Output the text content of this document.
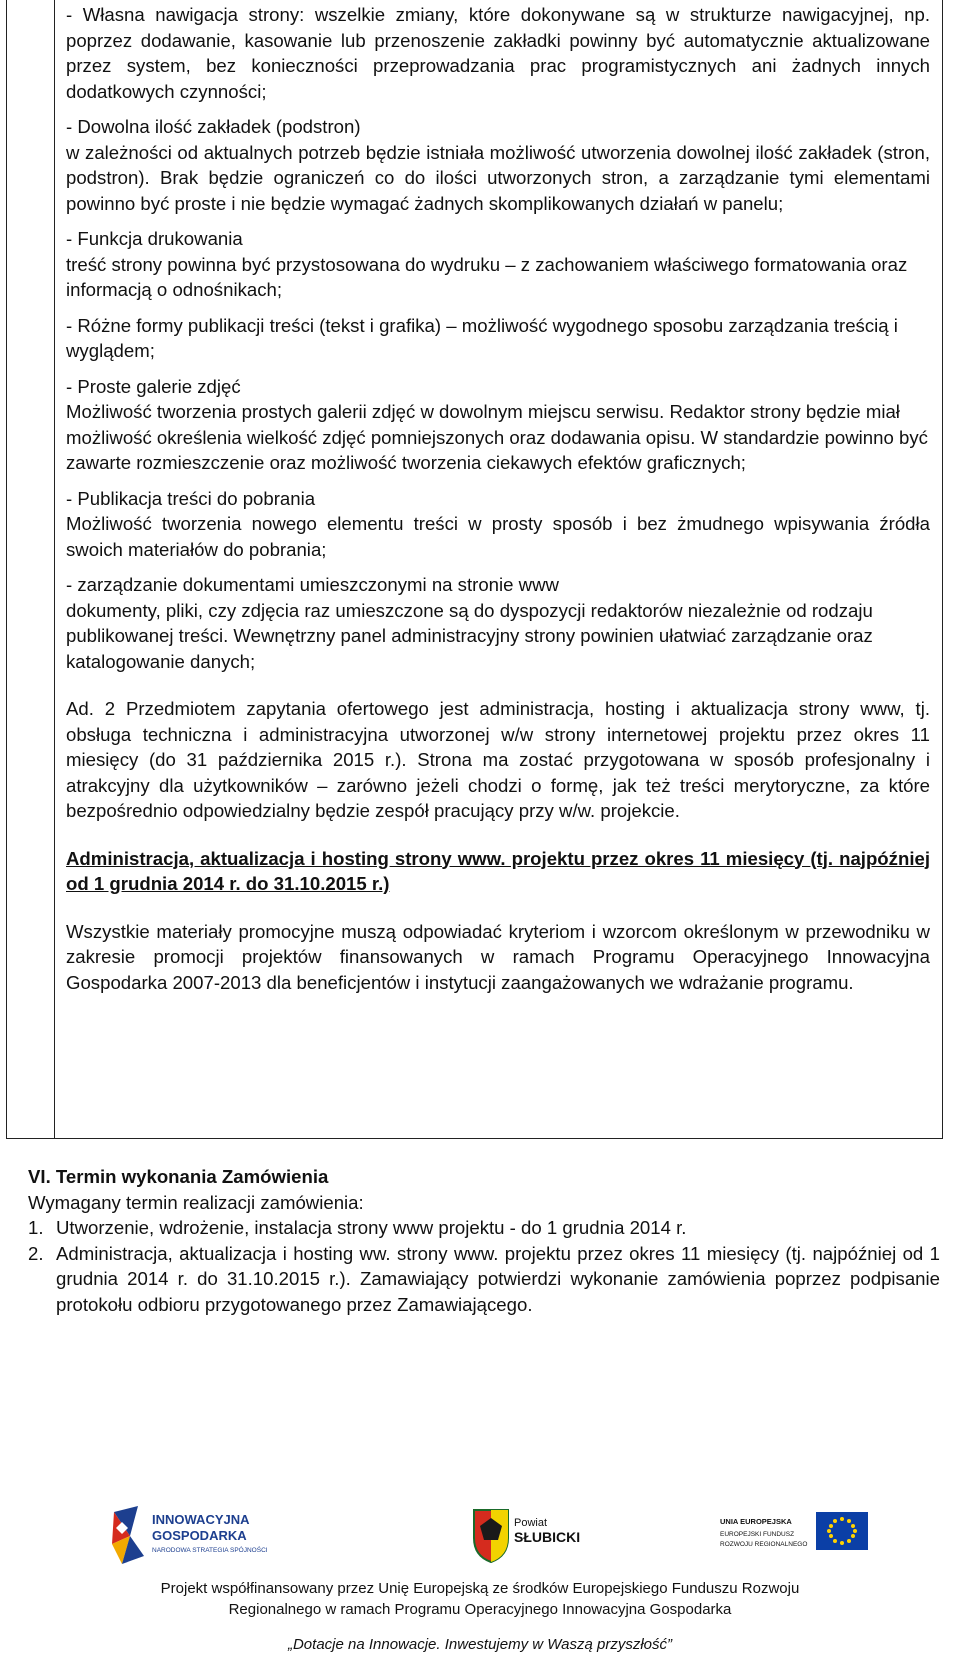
- Własna nawigacja strony: wszelkie zmiany, które dokonywane są w strukturze nawigacyjnej, np. poprzez dodawanie, kasowanie lub przenoszenie zakładki powinny być automatycznie aktualizowane przez system, bez konieczności przeprowadzania prac programistycznych ani żadnych innych dodatkowych czynności;

- Dowolna ilość zakładek (podstron)

w zależności od aktualnych potrzeb będzie istniała możliwość utworzenia dowolnej ilość zakładek (stron, podstron). Brak będzie ograniczeń co do ilości utworzonych stron, a zarządzanie tymi elementami powinno być proste i nie będzie wymagać żadnych skomplikowanych działań w panelu;

- Funkcja drukowania

treść strony powinna być przystosowana do wydruku – z zachowaniem właściwego formatowania oraz informacją o odnośnikach;

- Różne formy publikacji treści (tekst i grafika) – możliwość wygodnego sposobu zarządzania treścią i wyglądem;

- Proste galerie zdjęć

Możliwość tworzenia prostych galerii zdjęć w dowolnym miejscu serwisu. Redaktor strony będzie miał możliwość określenia wielkość zdjęć pomniejszonych oraz dodawania opisu. W standardzie powinno być zawarte rozmieszczenie oraz możliwość tworzenia ciekawych efektów graficznych;

- Publikacja treści do pobrania

Możliwość tworzenia nowego elementu treści w prosty sposób i bez żmudnego wpisywania źródła swoich materiałów do pobrania;

- zarządzanie dokumentami umieszczonymi na stronie www

dokumenty, pliki, czy zdjęcia raz umieszczone są do dyspozycji redaktorów niezależnie od rodzaju publikowanej treści. Wewnętrzny panel administracyjny strony powinien ułatwiać zarządzanie oraz katalogowanie danych;

Ad. 2 Przedmiotem zapytania ofertowego jest administracja, hosting i aktualizacja strony www, tj. obsługa techniczna i administracyjna utworzonej w/w strony internetowej projektu przez okres 11 miesięcy (do 31 października 2015 r.). Strona ma zostać przygotowana w sposób profesjonalny i atrakcyjny dla użytkowników – zarówno jeżeli chodzi o formę, jak też treści merytoryczne, za które bezpośrednio odpowiedzialny będzie zespół pracujący przy w/w. projekcie.

Administracja, aktualizacja i hosting strony www. projektu przez okres 11 miesięcy (tj. najpóźniej od 1 grudnia 2014 r. do 31.10.2015 r.)

Wszystkie materiały promocyjne muszą odpowiadać kryteriom i wzorcom określonym w przewodniku w zakresie promocji projektów finansowanych w ramach Programu Operacyjnego Innowacyjna Gospodarka 2007-2013 dla beneficjentów i instytucji zaangażowanych we wdrażanie programu.

VI. Termin wykonania Zamówienia

Wymagany termin realizacji zamówienia:

1. Utworzenie, wdrożenie, instalacja strony www projektu - do 1 grudnia 2014 r.
2. Administracja, aktualizacja i hosting ww. strony www. projektu przez okres 11 miesięcy (tj. najpóźniej od 1 grudnia 2014 r. do 31.10.2015 r.). Zamawiający potwierdzi wykonanie zamówienia poprzez podpisanie protokołu odbioru przygotowanego przez Zamawiającego.
INNOWACYJNA
GOSPODARKA
NARODOWA STRATEGIA SPÓJNOŚCI
Powiat
SŁUBICKI
UNIA EUROPEJSKA
EUROPEJSKI FUNDUSZ
ROZWOJU REGIONALNEGO

Projekt współfinansowany przez Unię Europejską ze środków Europejskiego Funduszu Rozwoju

Regionalnego w ramach Programu Operacyjnego Innowacyjna Gospodarka

„Dotacje na Innowacje. Inwestujemy w Waszą przyszłość”
